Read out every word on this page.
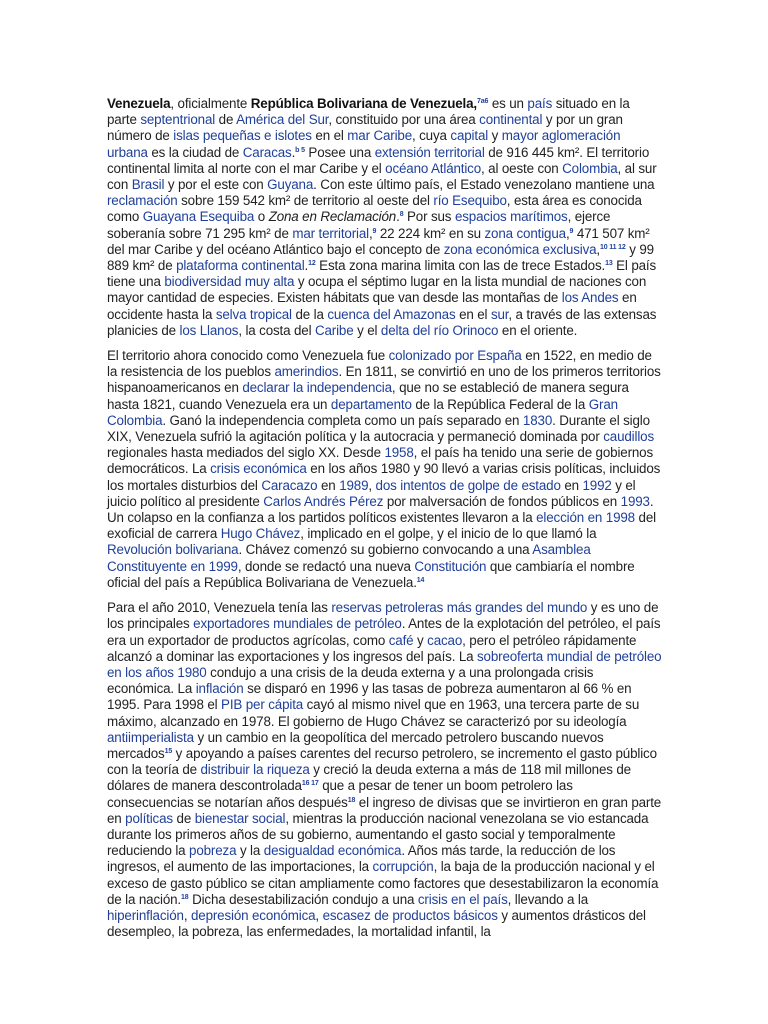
Venezuela, oficialmente República Bolivariana de Venezuela,$^{7a6}$ es un país situado en la parte septentrional de América del Sur, constituido por una área continental y por un gran número de islas pequeñas e islotes en el mar Caribe, cuya capital y mayor aglomeración urbana es la ciudad de Caracas.$^b$ $^5$ Posee una extensión territorial de 916 445 km². El territorio continental limita al norte con el mar Caribe y el océano Atlántico, al oeste con Colombia, al sur con Brasil y por el este con Guyana. Con este último país, el Estado venezolano mantiene una reclamación sobre 159 542 km² de territorio al oeste del río Esequibo, esta área es conocida como Guayana Esequiba o Zona en Reclamación.$^8$ Por sus espacios marítimos, ejerce soberanía sobre 71 295 km² de mar territorial,$^9$ 22 224 km² en su zona contigua,$^9$ 471 507 km² del mar Caribe y del océano Atlántico bajo el concepto de zona económica exclusiva,$^{10 11 12}$ y 99 889 km² de plataforma continental.$^{12}$ Esta zona marina limita con las de trece Estados.$^{13}$ El país tiene una biodiversidad muy alta y ocupa el séptimo lugar en la lista mundial de naciones con mayor cantidad de especies. Existen hábitats que van desde las montañas de los Andes en occidente hasta la selva tropical de la cuenca del Amazonas en el sur, a través de las extensas planicies de los Llanos, la costa del Caribe y el delta del río Orinoco en el oriente.

El territorio ahora conocido como Venezuela fue colonizado por España en 1522, en medio de la resistencia de los pueblos amerindios. En 1811, se convirtió en uno de los primeros territorios hispanoamericanos en declarar la independencia, que no se estableció de manera segura hasta 1821, cuando Venezuela era un departamento de la República Federal de la Gran Colombia. Ganó la independencia completa como un país separado en 1830. Durante el siglo XIX, Venezuela sufrió la agitación política y la autocracia y permaneció dominada por caudillos regionales hasta mediados del siglo XX. Desde 1958, el país ha tenido una serie de gobiernos democráticos. La crisis económica en los años 1980 y 90 llevó a varias crisis políticas, incluidos los mortales disturbios del Caracazo en 1989, dos intentos de golpe de estado en 1992 y el juicio político al presidente Carlos Andrés Pérez por malversación de fondos públicos en 1993. Un colapso en la confianza a los partidos políticos existentes llevaron a la elección en 1998 del exoficial de carrera Hugo Chávez, implicado en el golpe, y el inicio de lo que llamó la Revolución bolivariana. Chávez comenzó su gobierno convocando a una Asamblea Constituyente en 1999, donde se redactó una nueva Constitución que cambiaría el nombre oficial del país a República Bolivariana de Venezuela.$^{14}$

Para el año 2010, Venezuela tenía las reservas petroleras más grandes del mundo y es uno de los principales exportadores mundiales de petróleo. Antes de la explotación del petróleo, el país era un exportador de productos agrícolas, como café y cacao, pero el petróleo rápidamente alcanzó a dominar las exportaciones y los ingresos del país. La sobreoferta mundial de petróleo en los años 1980 condujo a una crisis de la deuda externa y a una prolongada crisis económica. La inflación se disparó en 1996 y las tasas de pobreza aumentaron al 66 % en 1995. Para 1998 el PIB per cápita cayó al mismo nivel que en 1963, una tercera parte de su máximo, alcanzado en 1978. El gobierno de Hugo Chávez se caracterizó por su ideología antiimperialista y un cambio en la geopolítica del mercado petrolero buscando nuevos mercados$^{15}$ y apoyando a países carentes del recurso petrolero, se incremento el gasto público con la teoría de distribuir la riqueza y creció la deuda externa a más de 118 mil millones de dólares de manera descontrolada$^{16 17}$ que a pesar de tener un boom petrolero las consecuencias se notarían años después$^{18}$ el ingreso de divisas que se invirtieron en gran parte en políticas de bienestar social, mientras la producción nacional venezolana se vio estancada durante los primeros años de su gobierno, aumentando el gasto social y temporalmente reduciendo la pobreza y la desigualdad económica. Años más tarde, la reducción de los ingresos, el aumento de las importaciones, la corrupción, la baja de la producción nacional y el exceso de gasto público se citan ampliamente como factores que desestabilizaron la economía de la nación.$^{18}$ Dicha desestabilización condujo a una crisis en el país, llevando a la hiperinflación, depresión económica, escasez de productos básicos y aumentos drásticos del desempleo, la pobreza, las enfermedades, la mortalidad infantil, la
